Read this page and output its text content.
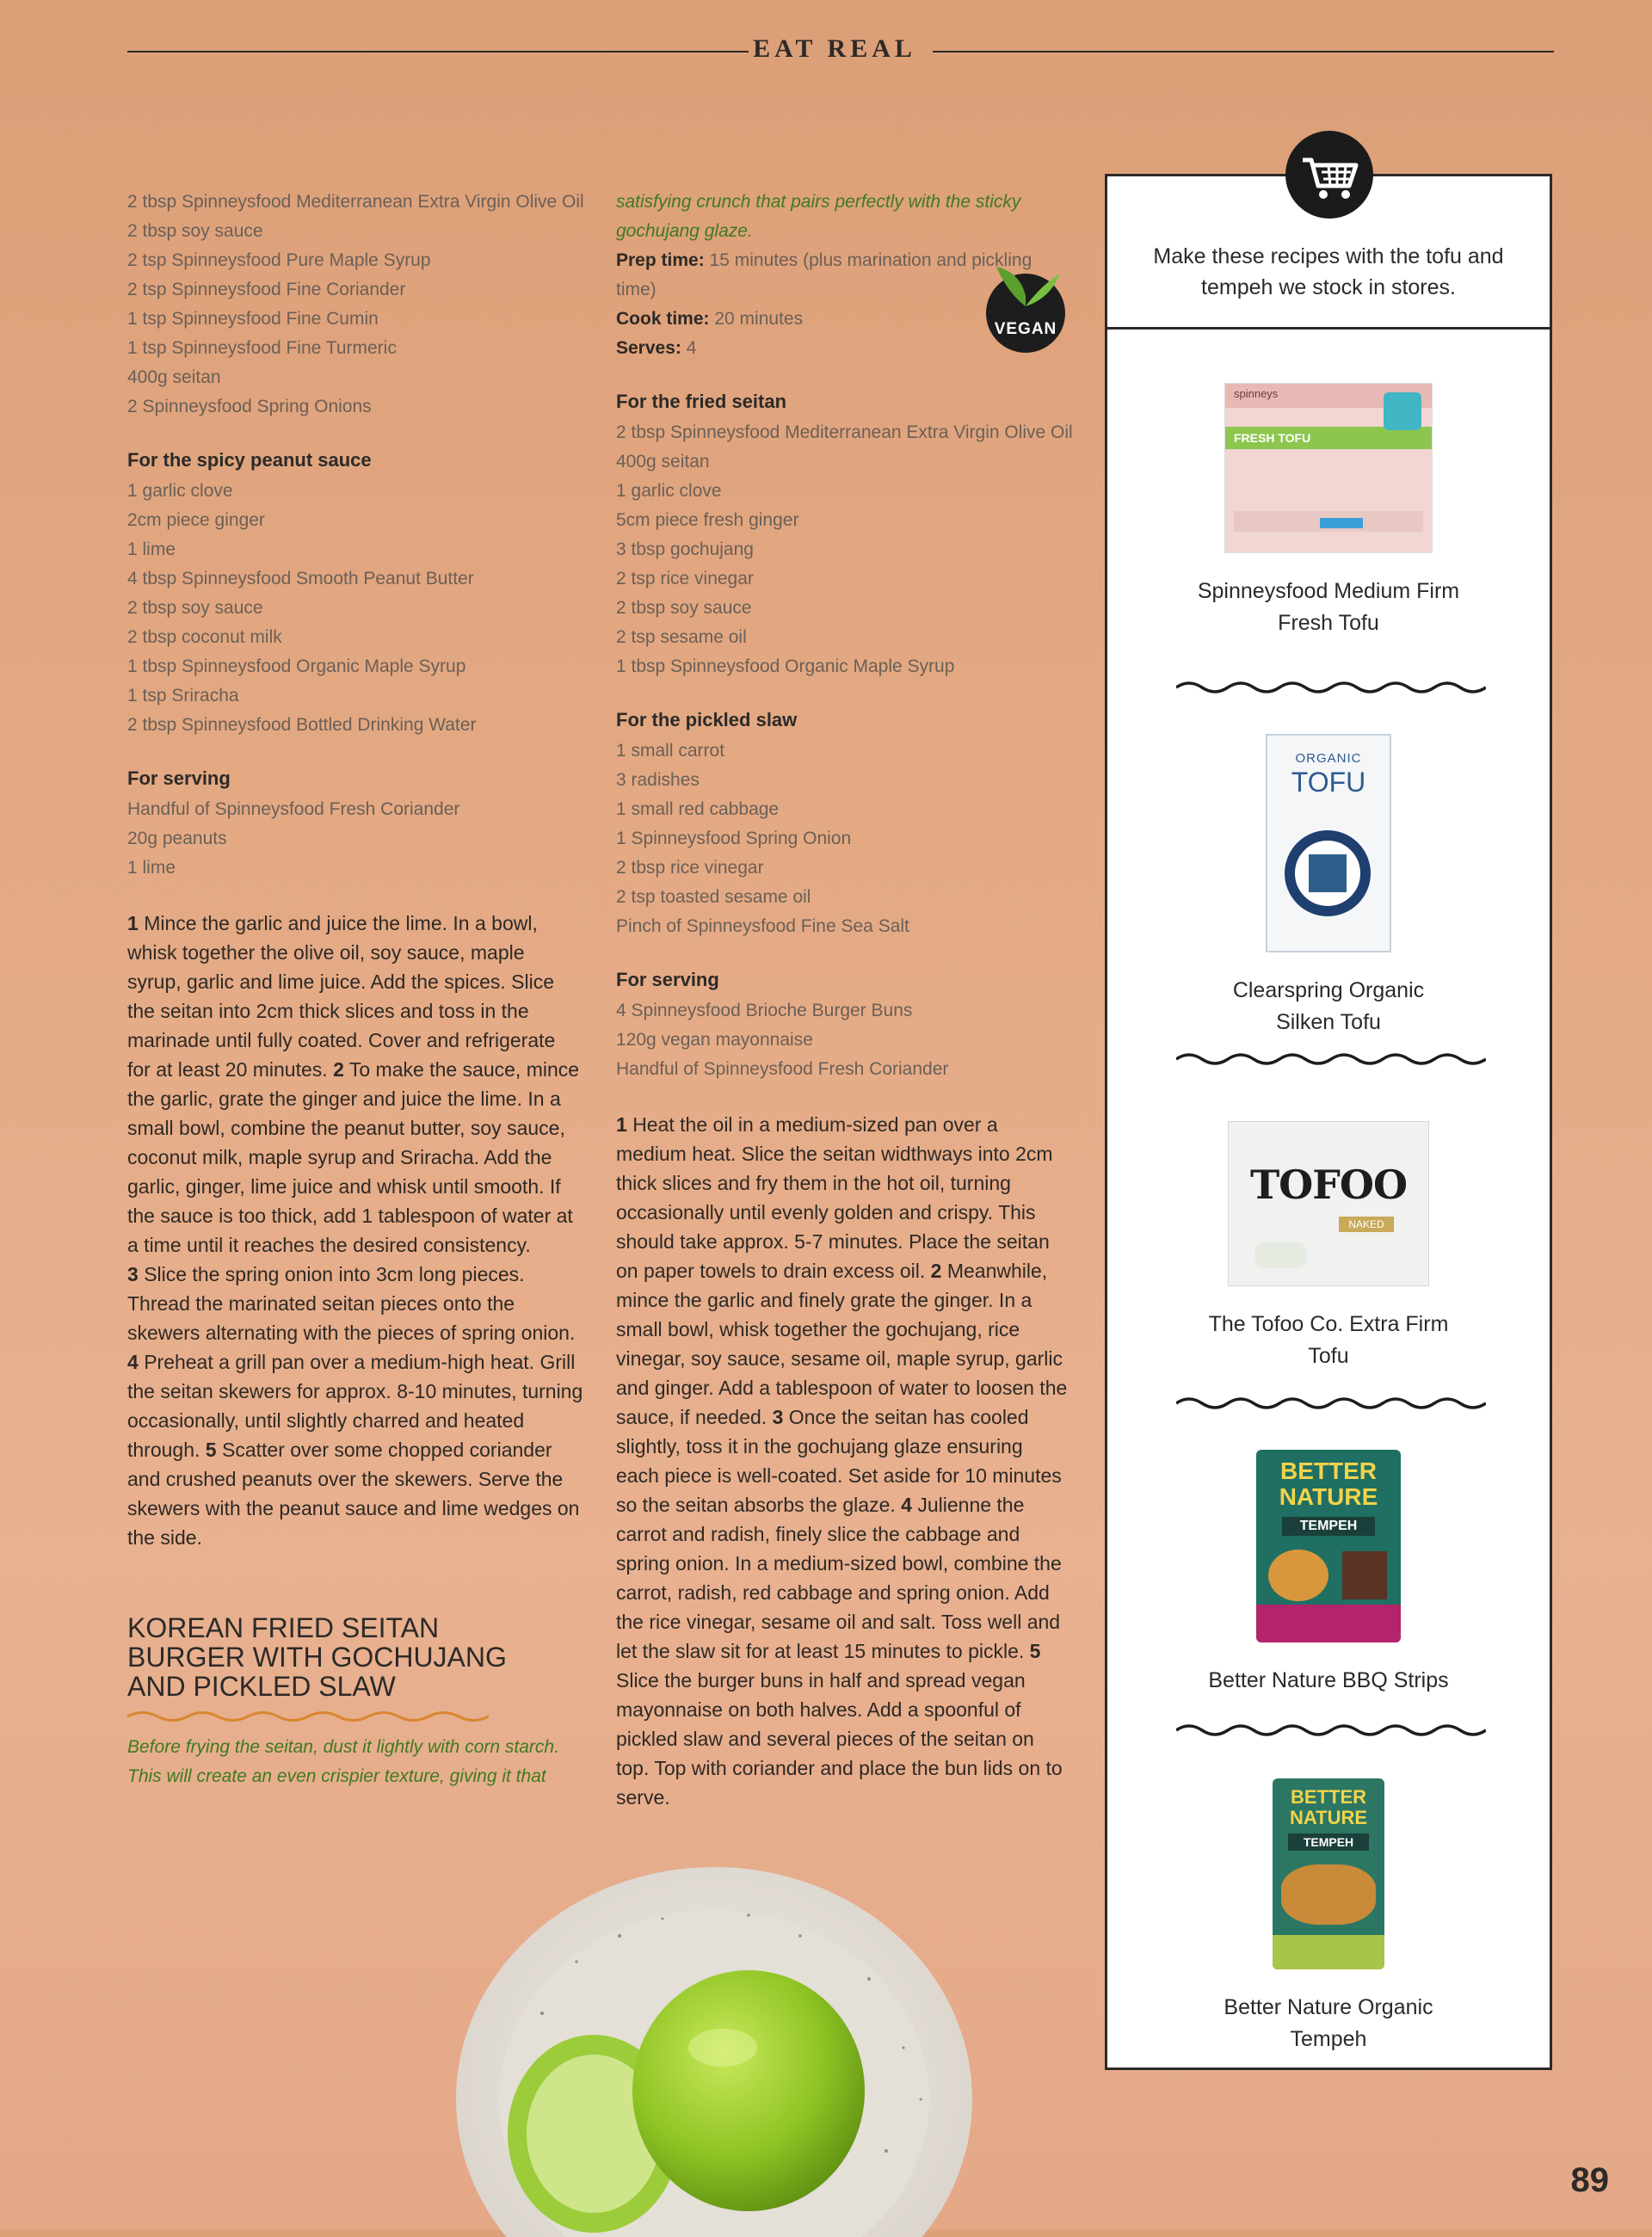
EAT REAL
2 tbsp Spinneysfood Mediterranean Extra Virgin Olive Oil
2 tbsp soy sauce
2 tsp Spinneysfood Pure Maple Syrup
2 tsp Spinneysfood Fine Coriander
1 tsp Spinneysfood Fine Cumin
1 tsp Spinneysfood Fine Turmeric
400g seitan
2 Spinneysfood Spring Onions
For the spicy peanut sauce
1 garlic clove
2cm piece ginger
1 lime
4 tbsp Spinneysfood Smooth Peanut Butter
2 tbsp soy sauce
2 tbsp coconut milk
1 tbsp Spinneysfood Organic Maple Syrup
1 tsp Sriracha
2 tbsp Spinneysfood Bottled Drinking Water
For serving
Handful of Spinneysfood Fresh Coriander
20g peanuts
1 lime
1 Mince the garlic and juice the lime. In a bowl, whisk together the olive oil, soy sauce, maple syrup, garlic and lime juice. Add the spices. Slice the seitan into 2cm thick slices and toss in the marinade until fully coated. Cover and refrigerate for at least 20 minutes. 2 To make the sauce, mince the garlic, grate the ginger and juice the lime. In a small bowl, combine the peanut butter, soy sauce, coconut milk, maple syrup and Sriracha. Add the garlic, ginger, lime juice and whisk until smooth. If the sauce is too thick, add 1 tablespoon of water at a time until it reaches the desired consistency.
3 Slice the spring onion into 3cm long pieces. Thread the marinated seitan pieces onto the skewers alternating with the pieces of spring onion. 4 Preheat a grill pan over a medium-high heat. Grill the seitan skewers for approx. 8-10 minutes, turning occasionally, until slightly charred and heated through. 5 Scatter over some chopped coriander and crushed peanuts over the skewers. Serve the skewers with the peanut sauce and lime wedges on the side.
KOREAN FRIED SEITAN
BURGER WITH GOCHUJANG
AND PICKLED SLAW
Before frying the seitan, dust it lightly with corn starch. This will create an even crispier texture, giving it that
satisfying crunch that pairs perfectly with the sticky gochujang glaze.
Prep time: 15 minutes (plus marination and pickling time)
Cook time: 20 minutes
Serves: 4
For the fried seitan
2 tbsp Spinneysfood Mediterranean Extra Virgin Olive Oil
400g seitan
1 garlic clove
5cm piece fresh ginger
3 tbsp gochujang
2 tsp rice vinegar
2 tbsp soy sauce
2 tsp sesame oil
1 tbsp Spinneysfood Organic Maple Syrup
For the pickled slaw
1 small carrot
3 radishes
1 small red cabbage
1 Spinneysfood Spring Onion
2 tbsp rice vinegar
2 tsp toasted sesame oil
Pinch of Spinneysfood Fine Sea Salt
For serving
4 Spinneysfood Brioche Burger Buns
120g vegan mayonnaise
Handful of Spinneysfood Fresh Coriander
1 Heat the oil in a medium-sized pan over a medium heat. Slice the seitan widthways into 2cm thick slices and fry them in the hot oil, turning occasionally until evenly golden and crispy. This should take approx. 5-7 minutes. Place the seitan on paper towels to drain excess oil. 2 Meanwhile, mince the garlic and finely grate the ginger. In a small bowl, whisk together the gochujang, rice vinegar, soy sauce, sesame oil, maple syrup, garlic and ginger. Add a tablespoon of water to loosen the sauce, if needed. 3 Once the seitan has cooled slightly, toss it in the gochujang glaze ensuring each piece is well-coated. Set aside for 10 minutes so the seitan absorbs the glaze. 4 Julienne the carrot and radish, finely slice the cabbage and spring onion. In a medium-sized bowl, combine the carrot, radish, red cabbage and spring onion. Add the rice vinegar, sesame oil and salt. Toss well and let the slaw sit for at least 15 minutes to pickle. 5 Slice the burger buns in half and spread vegan mayonnaise on both halves. Add a spoonful of pickled slaw and several pieces of the seitan on top. Top with coriander and place the bun lids on to serve.
VEGAN
Make these recipes with the tofu and tempeh we stock in stores.
spinneys
FRESH TOFU
Spinneysfood Medium Firm Fresh Tofu
ORGANIC
TOFU
Clearspring Organic Silken Tofu
TOFOO
NAKED
The Tofoo Co. Extra Firm Tofu
BETTER NATURE
TEMPEH
Better Nature BBQ Strips
BETTER NATURE
TEMPEH
Better Nature Organic Tempeh
89
